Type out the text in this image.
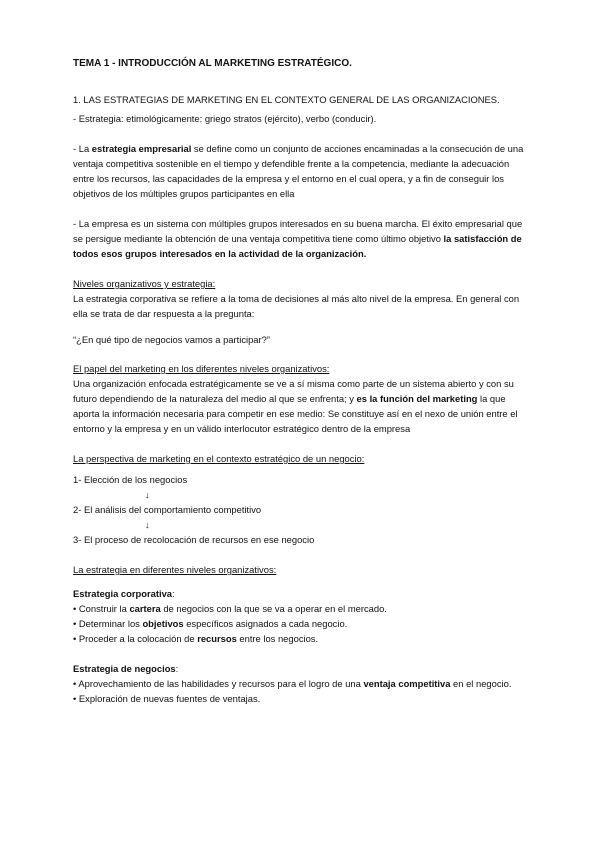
TEMA 1 - INTRODUCCIÓN AL MARKETING ESTRATÉGICO.

1. LAS ESTRATEGIAS DE MARKETING EN EL CONTEXTO GENERAL DE LAS ORGANIZACIONES.

- Estrategia: etimológicamente: griego stratos (ejército), verbo (conducir).

- La estrategia empresarial se define como un conjunto de acciones encaminadas a la consecución de una ventaja competitiva sostenible en el tiempo y defendible frente a la competencia, mediante la adecuación entre los recursos, las capacidades de la empresa y el entorno en el cual opera, y a fin de conseguir los objetivos de los múltiples grupos participantes en ella

- La empresa es un sistema con múltiples grupos interesados en su buena marcha. El éxito empresarial que se persigue mediante la obtención de una ventaja competitiva tiene como último objetivo la satisfacción de todos esos grupos interesados en la actividad de la organización.

Niveles organizativos y estrategia:

La estrategia corporativa se refiere a la toma de decisiones al más alto nivel de la empresa. En general con ella se trata de dar respuesta a la pregunta:

“¿En qué tipo de negocios vamos a participar?”

El papel del marketing en los diferentes niveles organizativos:

Una organización enfocada estratégicamente se ve a sí misma como parte de un sistema abierto y con su futuro dependiendo de la naturaleza del medio al que se enfrenta; y es la función del marketing la que aporta la información necesaria para competir en ese medio: Se constituye así en el nexo de unión entre el entorno y la empresa y en un válido interlocutor estratégico dentro de la empresa

La perspectiva de marketing en el contexto estratégico de un negocio:

1- Elección de los negocios

↓

2- El análisis del comportamiento competitivo

↓

3- El proceso de recolocación de recursos en ese negocio

La estrategia en diferentes niveles organizativos:

Estrategia corporativa:

• Construir la cartera de negocios con la que se va a operar en el mercado.

• Determinar los objetivos específicos asignados a cada negocio.

• Proceder a la colocación de recursos entre los negocios.

Estrategia de negocios:

• Aprovechamiento de las habilidades y recursos para el logro de una ventaja competitiva en el negocio.

• Exploración de nuevas fuentes de ventajas.
